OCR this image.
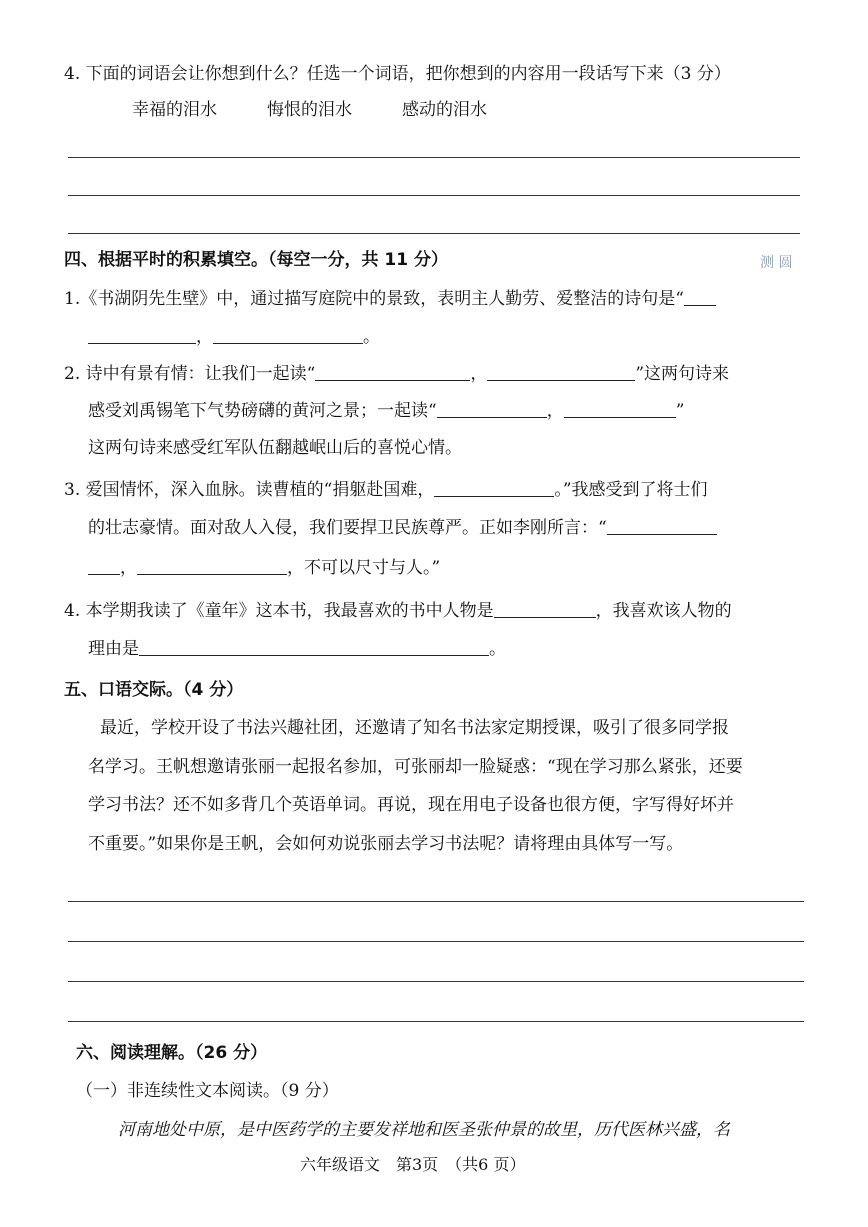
4. 下面的词语会让你想到什么？任选一个词语，把你想到的内容用一段话写下来（3 分）
幸福的泪水	悔恨的泪水	感动的泪水
四、根据平时的积累填空。（每空一分，共 11 分）	测 圆
1.《书湖阴先生壁》中，通过描写庭院中的景致，表明主人勤劳、爱整洁的诗句是“
，	。
2. 诗中有景有情：让我们一起读“	，	”这两句诗来
感受刘禹锡笔下气势磅礴的黄河之景；一起读“	，	”
这两句诗来感受红军队伍翻越岷山后的喜悦心情。
3. 爱国情怀，深入血脉。读曹植的“捐躯赴国难，	。”我感受到了将士们
的壮志豪情。面对敌人入侵，我们要捍卫民族尊严。正如李刚所言：“
，	，不可以尺寸与人。”
4. 本学期我读了《童年》这本书，我最喜欢的书中人物是	，我喜欢该人物的
理由是	。
五、口语交际。（4 分）
最近，学校开设了书法兴趣社团，还邀请了知名书法家定期授课，吸引了很多同学报
名学习。王帆想邀请张丽一起报名参加，可张丽却一脸疑惑：“现在学习那么紧张，还要
学习书法？还不如多背几个英语单词。再说，现在用电子设备也很方便，字写得好坏并
不重要。”如果你是王帆，会如何劝说张丽去学习书法呢？请将理由具体写一写。
六、阅读理解。（26 分）
（一）非连续性文本阅读。（9 分）
河南地处中原，是中医药学的主要发祥地和医圣张仲景的故里，历代医林兴盛，名
六年级语文　第3页　（共6 页）
